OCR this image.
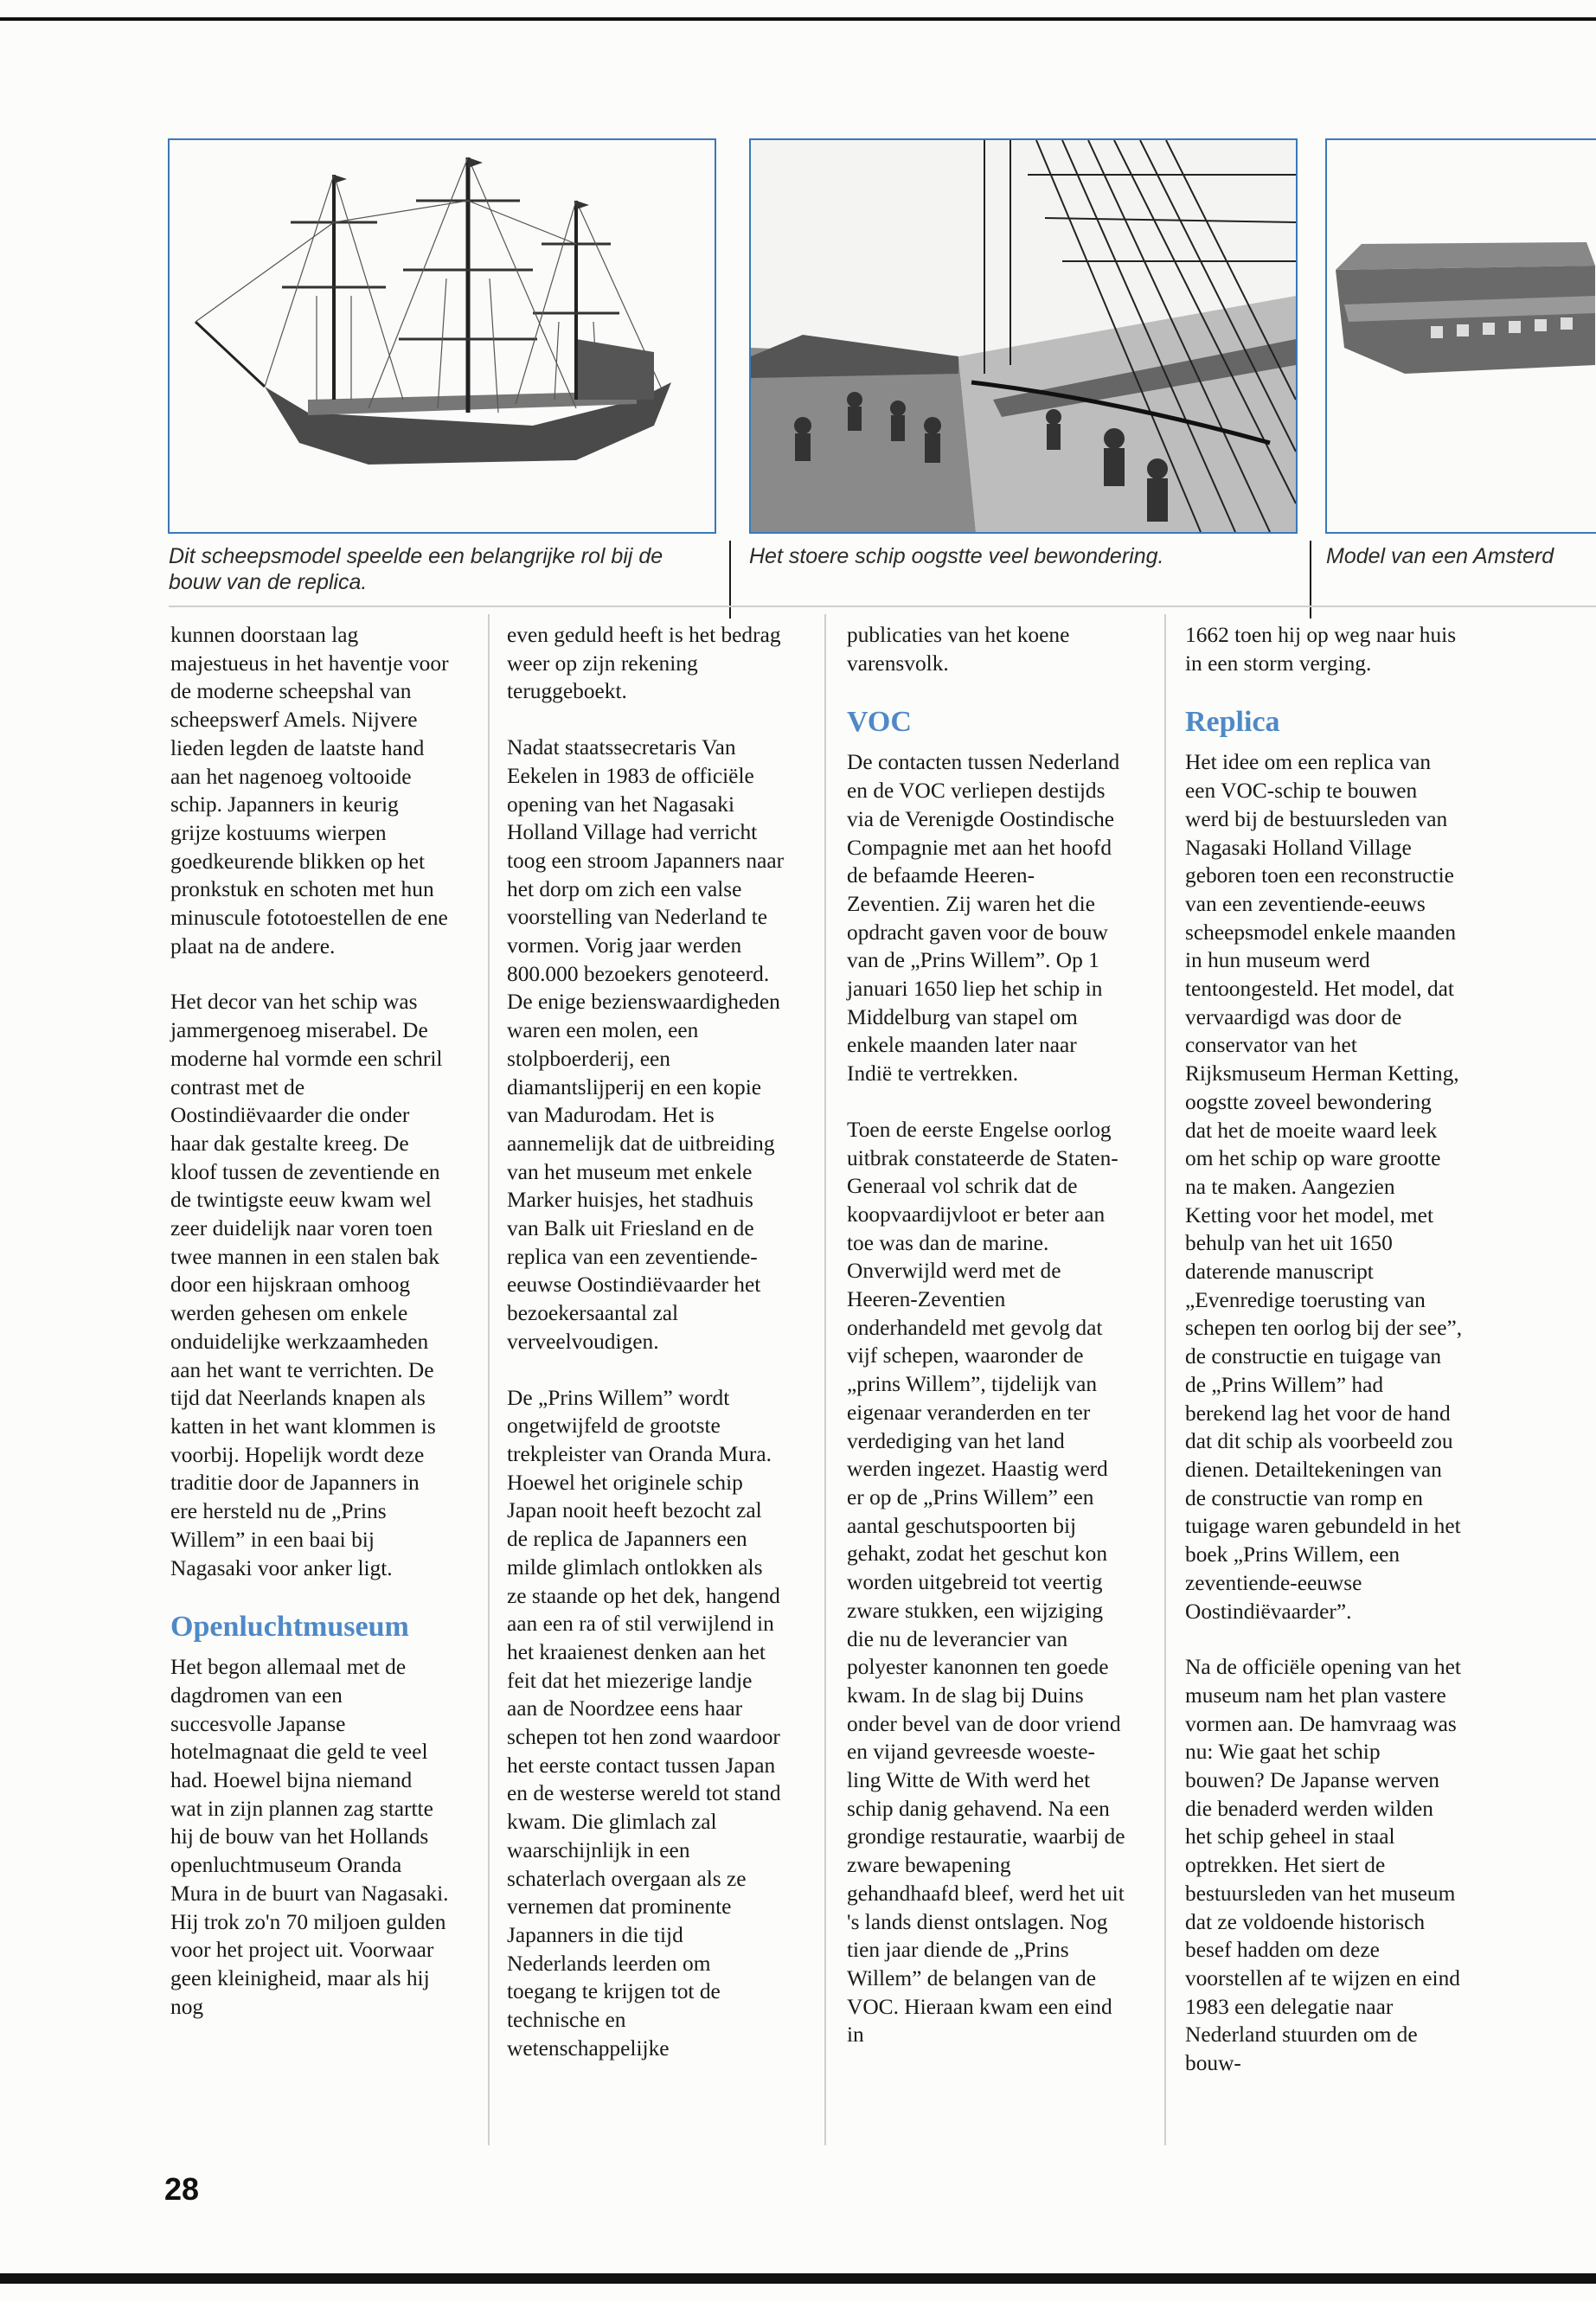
Dit scheepsmodel speelde een belangrijke rol bij de bouw van de replica.
Het stoere schip oogstte veel bewondering.	Model van een Amsterd

kunnen doorstaan lag majestueus in het haventje voor de moderne scheepshal van scheepswerf Amels. Nijvere lieden legden de laatste hand aan het nagenoeg voltooide schip. Japanners in keurig grijze kostuums wierpen goedkeurende blikken op het pronkstuk en schoten met hun minuscule fototoestellen de ene plaat na de andere.

Het decor van het schip was jammergenoeg miserabel. De moderne hal vormde een schril contrast met de Oostindiëvaarder die onder haar dak gestalte kreeg. De kloof tussen de zeventiende en de twintigste eeuw kwam wel zeer duidelijk naar voren toen twee mannen in een stalen bak door een hijskraan omhoog werden gehesen om enkele onduidelijke werkzaamheden aan het want te verrichten. De tijd dat Neerlands knapen als katten in het want klommen is voorbij. Hopelijk wordt deze traditie door de Japanners in ere hersteld nu de „Prins Willem” in een baai bij Nagasaki voor anker ligt.

Openluchtmuseum

Het begon allemaal met de dagdromen van een succesvolle Japanse hotelmagnaat die geld te veel had. Hoewel bijna niemand wat in zijn plannen zag startte hij de bouw van het Hollands openluchtmuseum Oranda Mura in de buurt van Nagasaki. Hij trok zo'n 70 miljoen gulden voor het project uit. Voorwaar geen kleinigheid, maar als hij nog

even geduld heeft is het bedrag weer op zijn rekening teruggeboekt.

Nadat staatssecretaris Van Eekelen in 1983 de officiële opening van het Nagasaki Holland Village had verricht toog een stroom Japanners naar het dorp om zich een valse voorstelling van Nederland te vormen. Vorig jaar werden 800.000 bezoekers genoteerd. De enige bezienswaardigheden waren een molen, een stolpboerderij, een diamantslijperij en een kopie van Madurodam. Het is aannemelijk dat de uitbreiding van het museum met enkele Marker huisjes, het stadhuis van Balk uit Friesland en de replica van een zeventiende-eeuwse Oostindiëvaarder het bezoekersaantal zal verveelvoudigen.

De „Prins Willem” wordt ongetwijfeld de grootste trekpleister van Oranda Mura. Hoewel het originele schip Japan nooit heeft bezocht zal de replica de Japanners een milde glimlach ontlokken als ze staande op het dek, hangend aan een ra of stil verwijlend in het kraaienest denken aan het feit dat het miezerige landje aan de Noordzee eens haar schepen tot hen zond waardoor het eerste contact tussen Japan en de westerse wereld tot stand kwam. Die glimlach zal waarschijnlijk in een schaterlach overgaan als ze vernemen dat prominente Japanners in die tijd Nederlands leerden om toegang te krijgen tot de technische en wetenschappelijke

publicaties van het koene varensvolk.

VOC

De contacten tussen Nederland en de VOC verliepen destijds via de Verenigde Oostindische Compagnie met aan het hoofd de befaamde Heeren-Zeventien. Zij waren het die opdracht gaven voor de bouw van de „Prins Willem”. Op 1 januari 1650 liep het schip in Middelburg van stapel om enkele maanden later naar Indië te vertrekken.

Toen de eerste Engelse oorlog uitbrak constateerde de Staten-Generaal vol schrik dat de koopvaardijvloot er beter aan toe was dan de marine. Onverwijld werd met de Heeren-Zeventien onderhandeld met gevolg dat vijf schepen, waaronder de „prins Willem”, tijdelijk van eigenaar veranderden en ter verdediging van het land werden ingezet. Haastig werd er op de „Prins Willem” een aantal geschutspoorten bij gehakt, zodat het geschut kon worden uitgebreid tot veertig zware stukken, een wijziging die nu de leverancier van polyester kanonnen ten goede kwam. In de slag bij Duins onder bevel van de door vriend en vijand gevreesde woeste-ling Witte de With werd het schip danig gehavend. Na een grondige restauratie, waarbij de zware bewapening gehandhaafd bleef, werd het uit 's lands dienst ontslagen. Nog tien jaar diende de „Prins Willem” de belangen van de VOC. Hieraan kwam een eind in

1662 toen hij op weg naar huis in een storm verging.

Replica

Het idee om een replica van een VOC-schip te bouwen werd bij de bestuursleden van Nagasaki Holland Village geboren toen een reconstructie van een zeventiende-eeuws scheepsmodel enkele maanden in hun museum werd tentoongesteld. Het model, dat vervaardigd was door de conservator van het Rijksmuseum Herman Ketting, oogstte zoveel bewondering dat het de moeite waard leek om het schip op ware grootte na te maken. Aangezien Ketting voor het model, met behulp van het uit 1650 daterende manuscript „Evenredige toerusting van schepen ten oorlog bij der see”, de constructie en tuigage van de „Prins Willem” had berekend lag het voor de hand dat dit schip als voorbeeld zou dienen. Detailtekeningen van de constructie van romp en tuigage waren gebundeld in het boek „Prins Willem, een zeventiende-eeuwse Oostindiëvaarder”.

Na de officiële opening van het museum nam het plan vastere vormen aan. De hamvraag was nu: Wie gaat het schip bouwen? De Japanse werven die benaderd werden wilden het schip geheel in staal optrekken. Het siert de bestuursleden van het museum dat ze voldoende historisch besef hadden om deze voorstellen af te wijzen en eind 1983 een delegatie naar Nederland stuurden om de bouw-

28
